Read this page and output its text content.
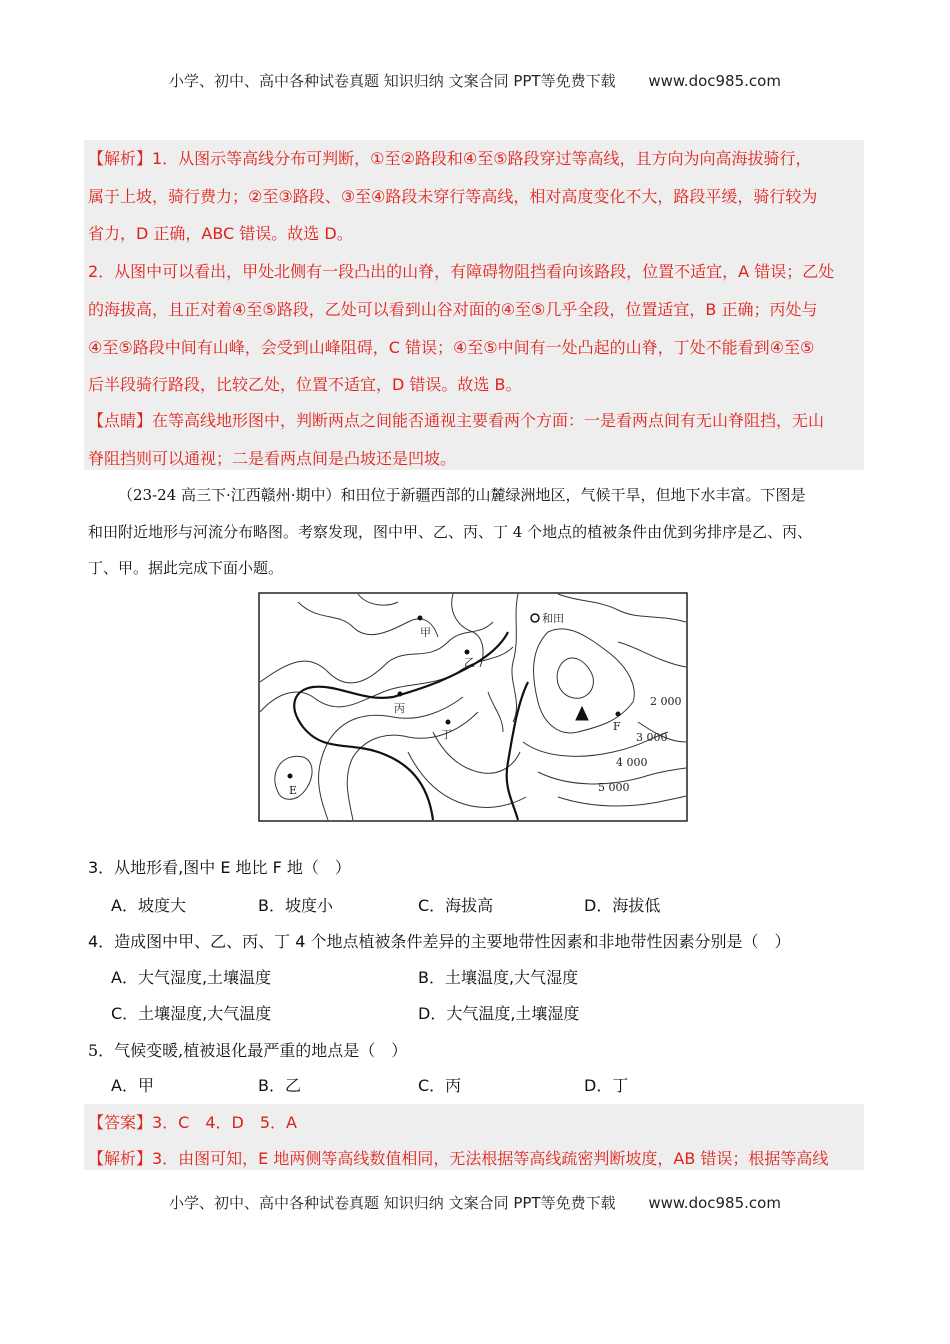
小学、初中、高中各种试卷真题 知识归纳 文案合同 PPT等免费下载 www.doc985.com
【解析】1．从图示等高线分布可判断，①至②路段和④至⑤路段穿过等高线，且方向为向高海拔骑行，
属于上坡，骑行费力；②至③路段、③至④路段未穿行等高线，相对高度变化不大，路段平缓，骑行较为
省力，D 正确，ABC 错误。故选 D。
2．从图中可以看出，甲处北侧有一段凸出的山脊，有障碍物阻挡看向该路段，位置不适宜，A 错误；乙处
的海拔高，且正对着④至⑤路段，乙处可以看到山谷对面的④至⑤几乎全段，位置适宜，B 正确；丙处与
④至⑤路段中间有山峰，会受到山峰阻碍，C 错误；④至⑤中间有一处凸起的山脊，丁处不能看到④至⑤
后半段骑行路段，比较乙处，位置不适宜，D 错误。故选 B。
【点睛】在等高线地形图中，判断两点之间能否通视主要看两个方面：一是看两点间有无山脊阻挡，无山
脊阻挡则可以通视；二是看两点间是凸坡还是凹坡。
（23-24 高三下·江西赣州·期中）和田位于新疆西部的山麓绿洲地区，气候干旱，但地下水丰富。下图是
和田附近地形与河流分布略图。考察发现，图中甲、乙、丙、丁 4 个地点的植被条件由优到劣排序是乙、丙、
丁、甲。据此完成下面小题。
和田
甲
乙
丙
丁
E
F
2 000
3 000
4 000
5 000
3．从地形看,图中 E 地比 F 地（　）
A．坡度大	B．坡度小	C．海拔高	D．海拔低
4．造成图中甲、乙、丙、丁 4 个地点植被条件差异的主要地带性因素和非地带性因素分别是（　）
A．大气湿度,土壤温度	B．土壤温度,大气湿度
C．土壤湿度,大气温度	D．大气温度,土壤湿度
5．气候变暖,植被退化最严重的地点是（　）
A．甲	B．乙	C．丙	D．丁
【答案】3．C　4．D　5．A
【解析】3．由图可知，E 地两侧等高线数值相同，无法根据等高线疏密判断坡度，AB 错误；根据等高线
小学、初中、高中各种试卷真题 知识归纳 文案合同 PPT等免费下载 www.doc985.com
